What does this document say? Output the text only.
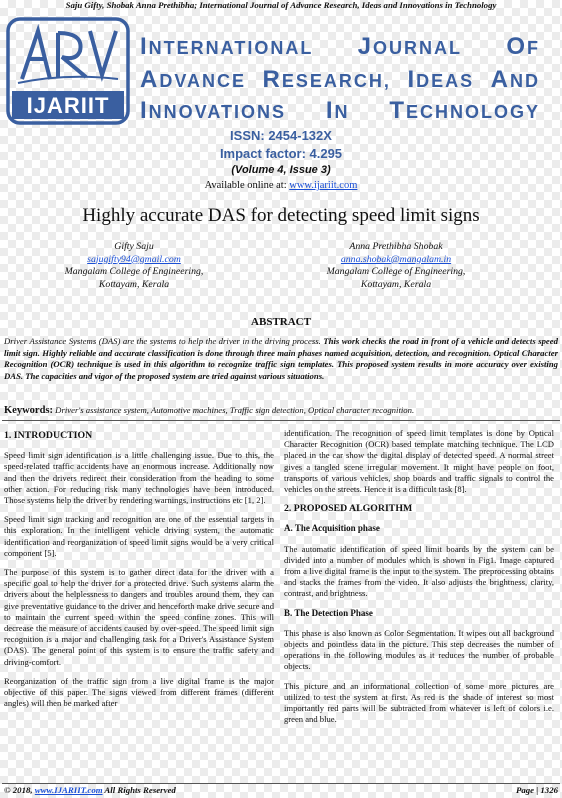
Saju Gifty, Shobak Anna Prethibha; International Journal of Advance Research, Ideas and Innovations in Technology
IJARIIT
INTERNATIONAL JOURNAL OF
ADVANCE RESEARCH, IDEAS AND
INNOVATIONS IN TECHNOLOGY
ISSN: 2454-132X
Impact factor: 4.295
(Volume 4, Issue 3)
Available online at: www.ijariit.com
Highly accurate DAS for detecting speed limit signs
Gifty Saju
sajugifty94@gmail.com
Mangalam College of Engineering,
Kottayam, Kerala
Anna Prethibha Shobak
anna.shobak@mangalam.in
Mangalam College of Engineering,
Kottayam, Kerala
ABSTRACT
Driver Assistance Systems (DAS) are the systems to help the driver in the driving process. This work checks the road in front of a vehicle and detects speed limit sign. Highly reliable and accurate classification is done through three main phases named acquisition, detection, and recognition. Optical Character Recognition (OCR) technique is used in this algorithm to recognize traffic sign templates. This proposed system results in more accuracy over existing DAS. The capacities and vigor of the proposed system are tried against various situations.
Keywords: Driver's assistance system, Automotive machines, Traffic sign detection, Optical character recognition.
1. INTRODUCTION

Speed limit sign identification is a little challenging issue. Due to this, the speed-related traffic accidents have an enormous increase. Additionally now and then the drivers redirect their consideration from the heading to some other action. For reducing risk many technologies have been introduced. Those systems help the driver by rendering warnings, instructions etc [1, 2].

Speed limit sign tracking and recognition are one of the essential targets in this exploration. In the intelligent vehicle driving system, the automatic identification and reorganization of speed limit signs would be a very critical component [5].

The purpose of this system is to gather direct data for the driver with a specific goal to help the driver for a protected drive. Such systems alarm the drivers about the helplessness to dangers and troubles around them, they can give preventative guidance to the driver and henceforth make drive secure and to maintain the current speed within the speed confine zones. This will decrease the measure of accidents caused by over-speed. The speed limit sign recognition is a major and challenging task for a Driver's Assistance System (DAS). The general point of this system is to ensure the traffic safety and driving-comfort.

Reorganization of the traffic sign from a live digital frame is the major objective of this paper. The signs viewed from different frames (different angles) will then be marked after

identification. The recognition of speed limit templates is done by Optical Character Recognition (OCR) based template matching technique. The LCD placed in the car show the digital display of detected speed. A normal street gives a tangled scene irregular movement. It might have people on foot, transports of various vehicles, shop boards and traffic signals to control the vehicles on the streets. Hence it is a difficult task [8].

2. PROPOSED ALGORITHM
A. The Acquisition phase

The automatic identification of speed limit boards by the system can be divided into a number of modules which is shown in Fig1. Image captured from a live digital frame is the input to the system. The preprocessing obtains and stacks the frames from the video. It also adjusts the brightness, clarity, contrast, and brightness.

B. The Detection Phase

This phase is also known as Color Segmentation. It wipes out all background objects and pointless data in the picture. This step decreases the number of operations in the following modules as it reduces the number of probable objects.

This picture and an informational collection of some more pictures are utilized to test the system at first. As red is the shade of interest so most importantly red parts will be subtracted from whatever is left of colors i.e. green and blue.

© 2018, www.IJARIIT.com All Rights Reserved	Page | 1326
